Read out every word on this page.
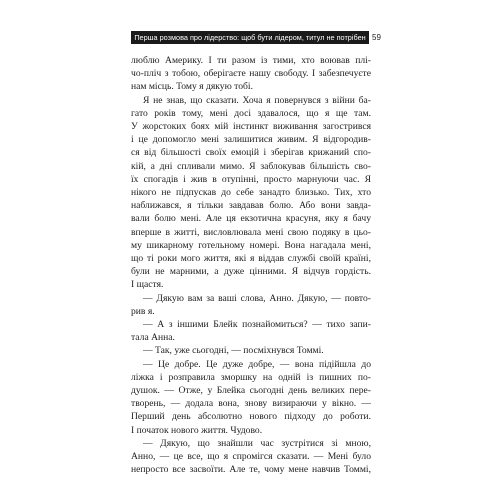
Перша розмова про лідерство: щоб бути лідером, титул не потрібен 59

люблю Америку. І ти разом із тими, хто воював плі-

чо-пліч з тобою, оберігаєте нашу свободу. І забезпечуєте

нам місць. Тому я дякую тобі.

Я не знав, що сказати. Хоча я повернувся з війни ба-

гато років тому, мені досі здавалося, що я ще там.

У жорстоких боях мій інстинкт виживання загострився

і це допомогло мені залишитися живим. Я відгородив-

ся від більшості своїх емоцій і зберігав крижаний спо-

кій, а дні спливали мимо. Я заблокував більшість сво-

їх спогадів і жив в отупінні, просто марнуючи час. Я

нікого не підпускав до себе занадто близько. Тих, хто

наближався, я тільки завдавав болю. Або вони завда-

вали болю мені. Але ця екзотична красуня, яку я бачу

вперше в житті, висловлювала мені свою подяку в цьо-

му шикарному готельному номері. Вона нагадала мені,

що ті роки мого життя, які я віддав службі своїй країні,

були не марними, а дуже цінними. Я відчув гордість.

І щастя.

— Дякую вам за ваші слова, Анно. Дякую, — повто-

рив я.

— А з іншими Блейк познайомиться? — тихо запи-

тала Анна.

— Так, уже сьогодні, — посміхнувся Томмі.

— Це добре. Це дуже добре, — вона підійшла до

ліжка і розправила зморшку на одній із пишних по-

душок. — Отже, у Блейка сьогодні день великих пере-

творень, — додала вона, знову визираючи у вікно. —

Перший день абсолютно нового підходу до роботи.

І початок нового життя. Чудово.

— Дякую, що знайшли час зустрітися зі мною,

Анно, — це все, що я спромігся сказати. — Мені було

непросто все засвоїти. Але те, чому мене навчив Томмі,
